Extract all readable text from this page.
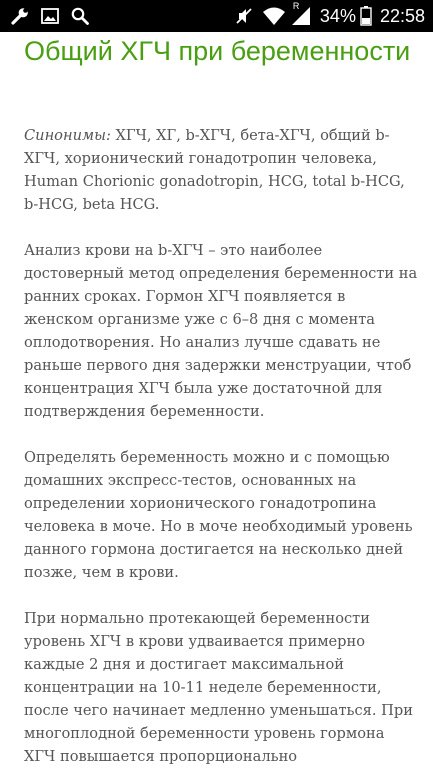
R 34% 22:58
Общий ХГЧ при беременности

Синонимы: ХГЧ, ХГ, b-ХГЧ, бета-ХГЧ, общий b-ХГЧ, хорионический гонадотропин человека, Human Chorionic gonadotropin, HCG, total b-HCG, b-HCG, beta HCG.

Анализ крови на b-ХГЧ – это наиболее достоверный метод определения беременности на ранних сроках. Гормон ХГЧ появляется в женском организме уже с 6–8 дня с момента оплодотворения. Но анализ лучше сдавать не раньше первого дня задержки менструации, чтоб концентрация ХГЧ была уже достаточной для подтверждения беременности.

Определять беременность можно и с помощью домашних экспресс-тестов, основанных на определении хорионического гонадотропина человека в моче. Но в моче необходимый уровень данного гормона достигается на несколько дней позже, чем в крови.

При нормально протекающей беременности уровень ХГЧ в крови удваивается примерно каждые 2 дня и достигает максимальной концентрации на 10-11 неделе беременности, после чего начинает медленно уменьшаться. При многоплодной беременности уровень гормона ХГЧ повышается пропорционально
